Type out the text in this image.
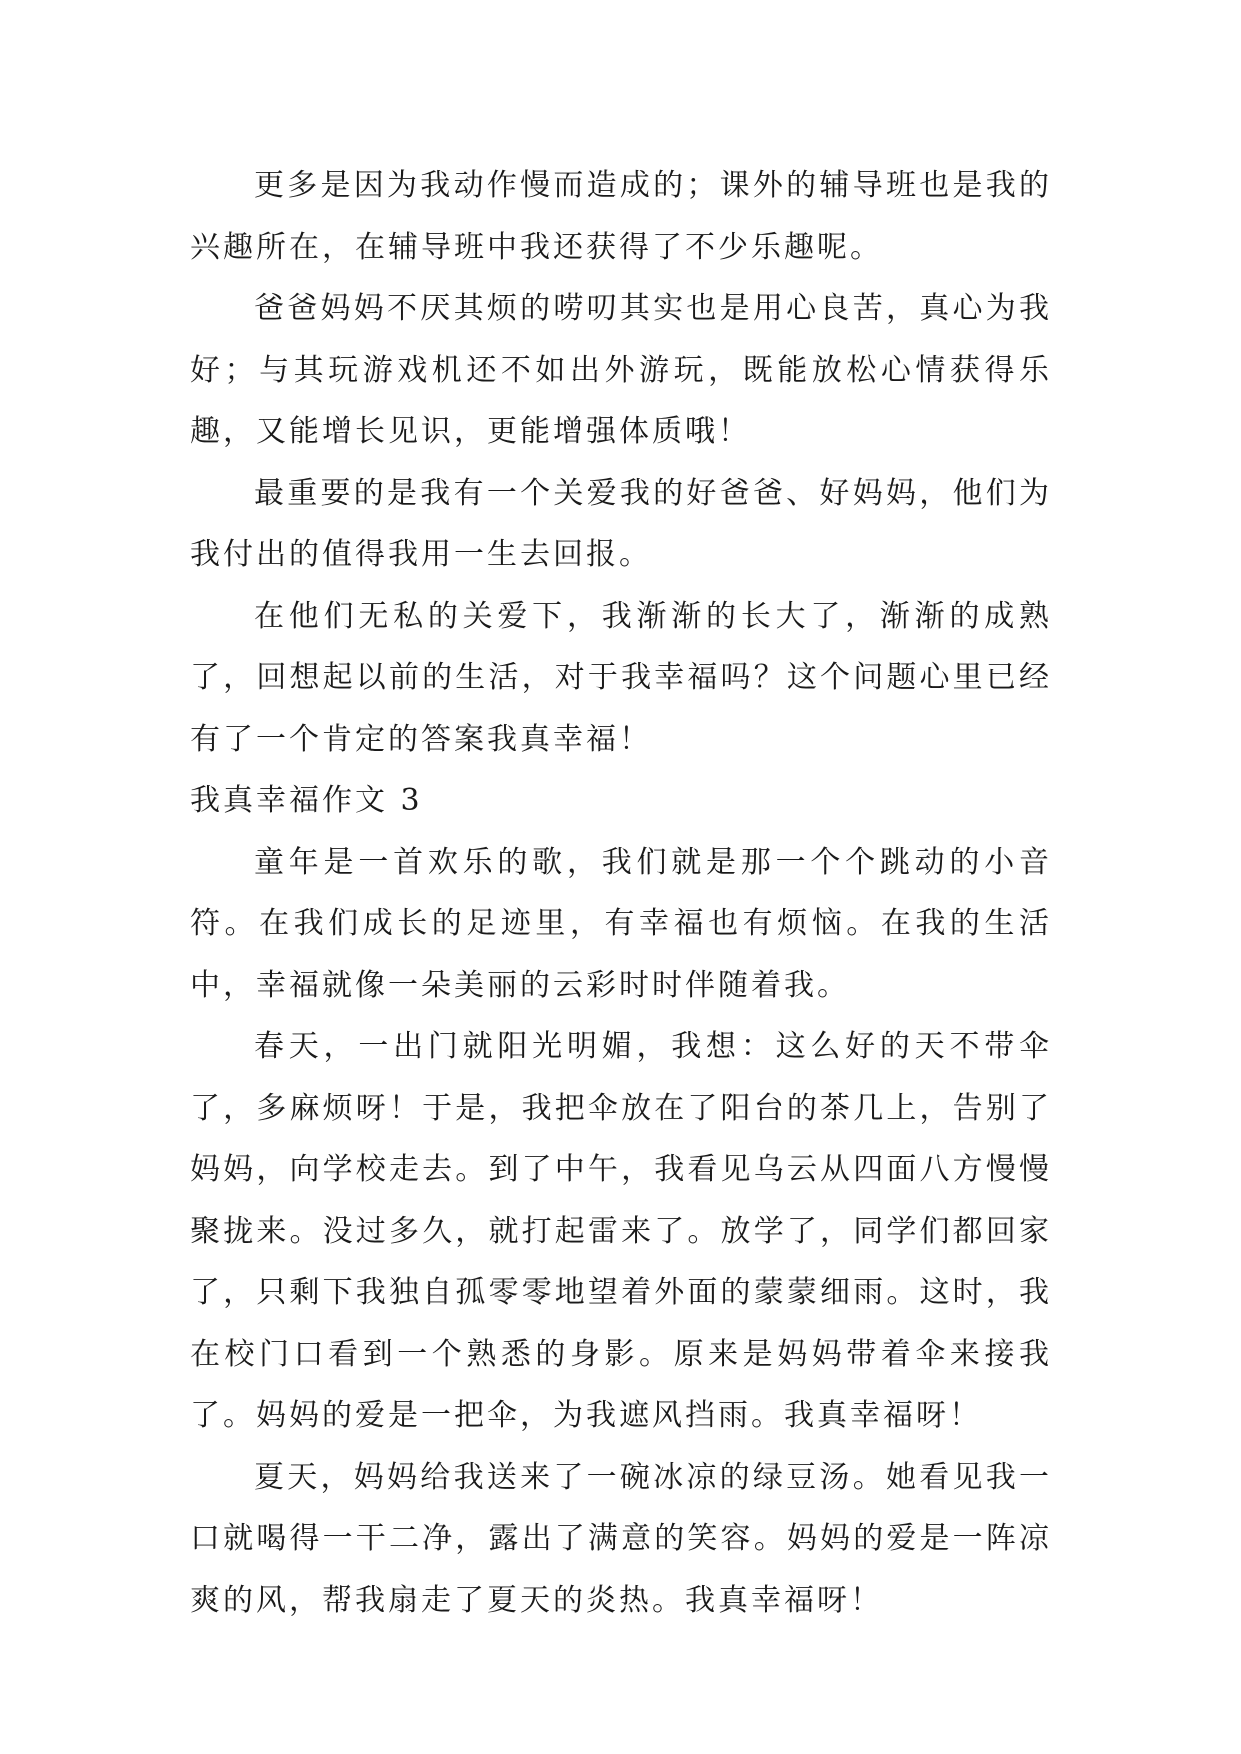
更多是因为我动作慢而造成的；课外的辅导班也是我的兴趣所在，在辅导班中我还获得了不少乐趣呢。

爸爸妈妈不厌其烦的唠叨其实也是用心良苦，真心为我好；与其玩游戏机还不如出外游玩，既能放松心情获得乐趣，又能增长见识，更能增强体质哦！

最重要的是我有一个关爱我的好爸爸、好妈妈，他们为我付出的值得我用一生去回报。

在他们无私的关爱下，我渐渐的长大了，渐渐的成熟了，回想起以前的生活，对于我幸福吗？这个问题心里已经有了一个肯定的答案我真幸福！

我真幸福作文 3

童年是一首欢乐的歌，我们就是那一个个跳动的小音符。在我们成长的足迹里，有幸福也有烦恼。在我的生活中，幸福就像一朵美丽的云彩时时伴随着我。

春天，一出门就阳光明媚，我想：这么好的天不带伞了，多麻烦呀！于是，我把伞放在了阳台的茶几上，告别了妈妈，向学校走去。到了中午，我看见乌云从四面八方慢慢聚拢来。没过多久，就打起雷来了。放学了，同学们都回家了，只剩下我独自孤零零地望着外面的蒙蒙细雨。这时，我在校门口看到一个熟悉的身影。原来是妈妈带着伞来接我了。妈妈的爱是一把伞，为我遮风挡雨。我真幸福呀！

夏天，妈妈给我送来了一碗冰凉的绿豆汤。她看见我一口就喝得一干二净，露出了满意的笑容。妈妈的爱是一阵凉爽的风，帮我扇走了夏天的炎热。我真幸福呀！
